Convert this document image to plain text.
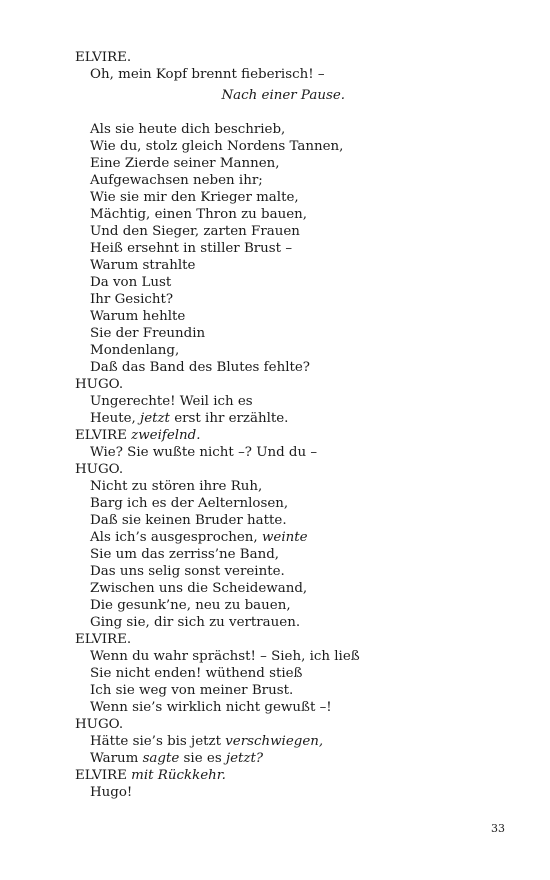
ELVIRE.
Oh, mein Kopf brennt fieberisch! –
Nach einer Pause.
Als sie heute dich beschrieb,
Wie du, stolz gleich Nordens Tannen,
Eine Zierde seiner Mannen,
Aufgewachsen neben ihr;
Wie sie mir den Krieger malte,
Mächtig, einen Thron zu bauen,
Und den Sieger, zarten Frauen
Heiß ersehnt in stiller Brust –
Warum strahlte
Da von Lust
Ihr Gesicht?
Warum hehlte
Sie der Freundin
Mondenlang,
Daß das Band des Blutes fehlte?
HUGO.
Ungerechte! Weil ich es
Heute, jetzt erst ihr erzählte.
ELVIRE zweifelnd.
Wie? Sie wußte nicht –? Und du –
HUGO.
Nicht zu stören ihre Ruh,
Barg ich es der Aelternlosen,
Daß sie keinen Bruder hatte.
Als ich’s ausgesprochen, weinte
Sie um das zerriss’ne Band,
Das uns selig sonst vereinte.
Zwischen uns die Scheidewand,
Die gesunk’ne, neu zu bauen,
Ging sie, dir sich zu vertrauen.
ELVIRE.
Wenn du wahr sprächst! – Sieh, ich ließ
Sie nicht enden! wüthend stieß
Ich sie weg von meiner Brust.
Wenn sie’s wirklich nicht gewußt –!
HUGO.
Hätte sie’s bis jetzt verschwiegen,
Warum sagte sie es jetzt?
ELVIRE mit Rückkehr.
Hugo!
33
